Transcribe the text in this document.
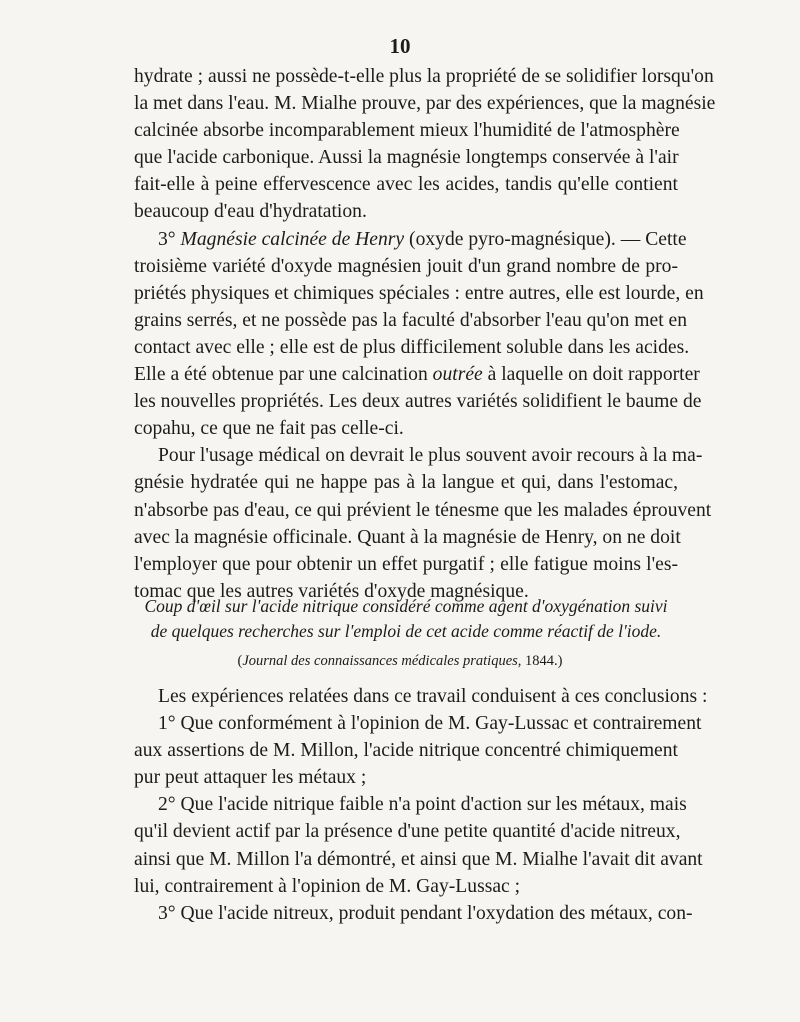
10
hydrate ; aussi ne possède-t-elle plus la propriété de se solidifier lorsqu'on
la met dans l'eau. M. Mialhe prouve, par des expériences, que la magnésie
calcinée absorbe incomparablement mieux l'humidité de l'atmosphère
que l'acide carbonique. Aussi la magnésie longtemps conservée à l'air
fait-elle à peine effervescence avec les acides, tandis qu'elle contient
beaucoup d'eau d'hydratation.
3° Magnésie calcinée de Henry (oxyde pyro-magnésique). — Cette
troisième variété d'oxyde magnésien jouit d'un grand nombre de pro-
priétés physiques et chimiques spéciales : entre autres, elle est lourde, en
grains serrés, et ne possède pas la faculté d'absorber l'eau qu'on met en
contact avec elle ; elle est de plus difficilement soluble dans les acides.
Elle a été obtenue par une calcination outrée à laquelle on doit rapporter
les nouvelles propriétés. Les deux autres variétés solidifient le baume de
copahu, ce que ne fait pas celle-ci.
Pour l'usage médical on devrait le plus souvent avoir recours à la ma-
gnésie hydratée qui ne happe pas à la langue et qui, dans l'estomac,
n'absorbe pas d'eau, ce qui prévient le ténesme que les malades éprouvent
avec la magnésie officinale. Quant à la magnésie de Henry, on ne doit
l'employer que pour obtenir un effet purgatif ; elle fatigue moins l'es-
tomac que les autres variétés d'oxyde magnésique.
Coup d'œil sur l'acide nitrique considéré comme agent d'oxygénation suivi
de quelques recherches sur l'emploi de cet acide comme réactif de l'iode.
(Journal des connaissances médicales pratiques, 1844.)
Les expériences relatées dans ce travail conduisent à ces conclusions :
1° Que conformément à l'opinion de M. Gay-Lussac et contrairement
aux assertions de M. Millon, l'acide nitrique concentré chimiquement
pur peut attaquer les métaux ;
2° Que l'acide nitrique faible n'a point d'action sur les métaux, mais
qu'il devient actif par la présence d'une petite quantité d'acide nitreux,
ainsi que M. Millon l'a démontré, et ainsi que M. Mialhe l'avait dit avant
lui, contrairement à l'opinion de M. Gay-Lussac ;
3° Que l'acide nitreux, produit pendant l'oxydation des métaux, con-
